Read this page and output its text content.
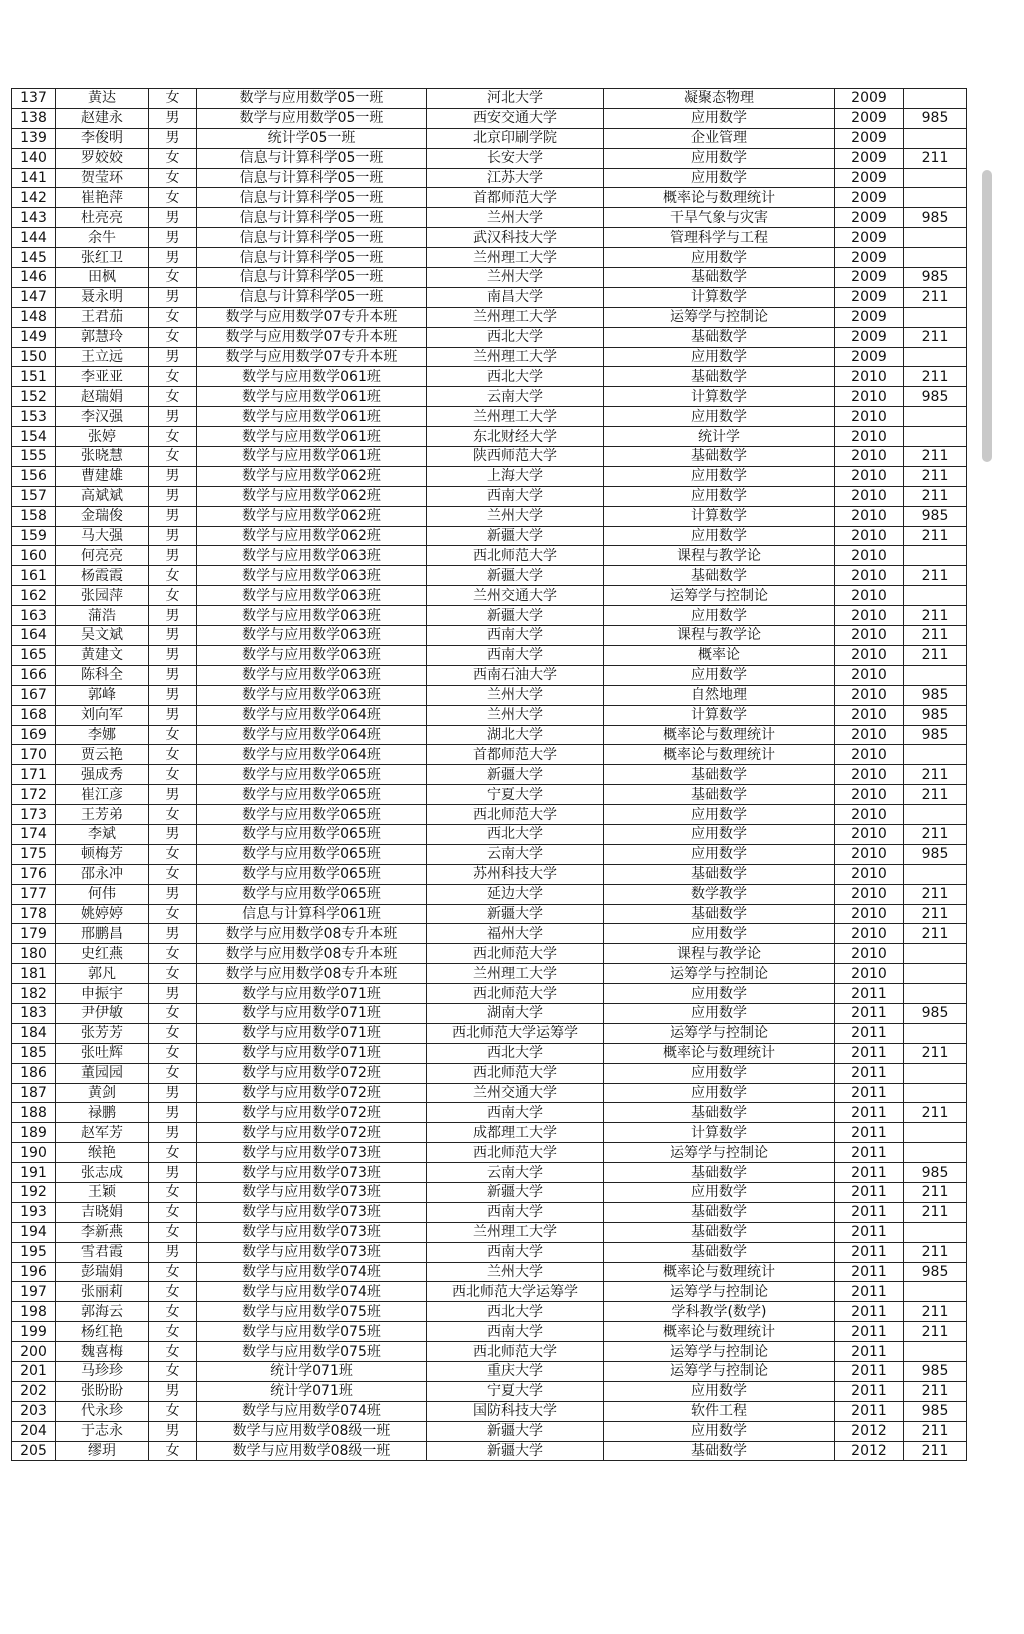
137	黄达	女	数学与应用数学05一班	河北大学	凝聚态物理	2009	
138	赵建永	男	数学与应用数学05一班	西安交通大学	应用数学	2009	985
139	李俊明	男	统计学05一班	北京印刷学院	企业管理	2009	
140	罗姣姣	女	信息与计算科学05一班	长安大学	应用数学	2009	211
141	贺莹环	女	信息与计算科学05一班	江苏大学	应用数学	2009	
142	崔艳萍	女	信息与计算科学05一班	首都师范大学	概率论与数理统计	2009	
143	杜亮亮	男	信息与计算科学05一班	兰州大学	干旱气象与灾害	2009	985
144	余牛	男	信息与计算科学05一班	武汉科技大学	管理科学与工程	2009	
145	张红卫	男	信息与计算科学05一班	兰州理工大学	应用数学	2009	
146	田枫	女	信息与计算科学05一班	兰州大学	基础数学	2009	985
147	聂永明	男	信息与计算科学05一班	南昌大学	计算数学	2009	211
148	王君茄	女	数学与应用数学07专升本班	兰州理工大学	运筹学与控制论	2009	
149	郭慧玲	女	数学与应用数学07专升本班	西北大学	基础数学	2009	211
150	王立远	男	数学与应用数学07专升本班	兰州理工大学	应用数学	2009	
151	李亚亚	女	数学与应用数学061班	西北大学	基础数学	2010	211
152	赵瑞娟	女	数学与应用数学061班	云南大学	计算数学	2010	985
153	李汉强	男	数学与应用数学061班	兰州理工大学	应用数学	2010	
154	张婷	女	数学与应用数学061班	东北财经大学	统计学	2010	
155	张晓慧	女	数学与应用数学061班	陕西师范大学	基础数学	2010	211
156	曹建雄	男	数学与应用数学062班	上海大学	应用数学	2010	211
157	高斌斌	男	数学与应用数学062班	西南大学	应用数学	2010	211
158	金瑞俊	男	数学与应用数学062班	兰州大学	计算数学	2010	985
159	马大强	男	数学与应用数学062班	新疆大学	应用数学	2010	211
160	何亮亮	男	数学与应用数学063班	西北师范大学	课程与教学论	2010	
161	杨霞霞	女	数学与应用数学063班	新疆大学	基础数学	2010	211
162	张园萍	女	数学与应用数学063班	兰州交通大学	运筹学与控制论	2010	
163	蒲浩	男	数学与应用数学063班	新疆大学	应用数学	2010	211
164	吴文斌	男	数学与应用数学063班	西南大学	课程与教学论	2010	211
165	黄建文	男	数学与应用数学063班	西南大学	概率论	2010	211
166	陈科全	男	数学与应用数学063班	西南石油大学	应用数学	2010	
167	郭峰	男	数学与应用数学063班	兰州大学	自然地理	2010	985
168	刘向军	男	数学与应用数学064班	兰州大学	计算数学	2010	985
169	李娜	女	数学与应用数学064班	湖北大学	概率论与数理统计	2010	985
170	贾云艳	女	数学与应用数学064班	首都师范大学	概率论与数理统计	2010	
171	强成秀	女	数学与应用数学065班	新疆大学	基础数学	2010	211
172	崔江彦	男	数学与应用数学065班	宁夏大学	基础数学	2010	211
173	王芳弟	女	数学与应用数学065班	西北师范大学	应用数学	2010	
174	李斌	男	数学与应用数学065班	西北大学	应用数学	2010	211
175	顿梅芳	女	数学与应用数学065班	云南大学	应用数学	2010	985
176	邵永冲	女	数学与应用数学065班	苏州科技大学	基础数学	2010	
177	何伟	男	数学与应用数学065班	延边大学	数学教学	2010	211
178	姚婷婷	女	信息与计算科学061班	新疆大学	基础数学	2010	211
179	邢鹏昌	男	数学与应用数学08专升本班	福州大学	应用数学	2010	211
180	史红燕	女	数学与应用数学08专升本班	西北师范大学	课程与教学论	2010	
181	郭凡	女	数学与应用数学08专升本班	兰州理工大学	运筹学与控制论	2010	
182	申振宇	男	数学与应用数学071班	西北师范大学	应用数学	2011	
183	尹伊敏	女	数学与应用数学071班	湖南大学	应用数学	2011	985
184	张芳芳	女	数学与应用数学071班	西北师范大学运筹学	运筹学与控制论	2011	
185	张吐辉	女	数学与应用数学071班	西北大学	概率论与数理统计	2011	211
186	董园园	女	数学与应用数学072班	西北师范大学	应用数学	2011	
187	黄剑	男	数学与应用数学072班	兰州交通大学	应用数学	2011	
188	禄鹏	男	数学与应用数学072班	西南大学	基础数学	2011	211
189	赵军芳	男	数学与应用数学072班	成都理工大学	计算数学	2011	
190	缑艳	女	数学与应用数学073班	西北师范大学	运筹学与控制论	2011	
191	张志成	男	数学与应用数学073班	云南大学	基础数学	2011	985
192	王颖	女	数学与应用数学073班	新疆大学	应用数学	2011	211
193	吉晓娟	女	数学与应用数学073班	西南大学	基础数学	2011	211
194	李新燕	女	数学与应用数学073班	兰州理工大学	基础数学	2011	
195	雪君霞	男	数学与应用数学073班	西南大学	基础数学	2011	211
196	彭瑞娟	女	数学与应用数学074班	兰州大学	概率论与数理统计	2011	985
197	张丽莉	女	数学与应用数学074班	西北师范大学运筹学	运筹学与控制论	2011	
198	郭海云	女	数学与应用数学075班	西北大学	学科教学(数学)	2011	211
199	杨红艳	女	数学与应用数学075班	西南大学	概率论与数理统计	2011	211
200	魏喜梅	女	数学与应用数学075班	西北师范大学	运筹学与控制论	2011	
201	马珍珍	女	统计学071班	重庆大学	运筹学与控制论	2011	985
202	张盼盼	男	统计学071班	宁夏大学	应用数学	2011	211
203	代永珍	女	数学与应用数学074班	国防科技大学	软件工程	2011	985
204	于志永	男	数学与应用数学08级一班	新疆大学	应用数学	2012	211
205	缪玥	女	数学与应用数学08级一班	新疆大学	基础数学	2012	211
